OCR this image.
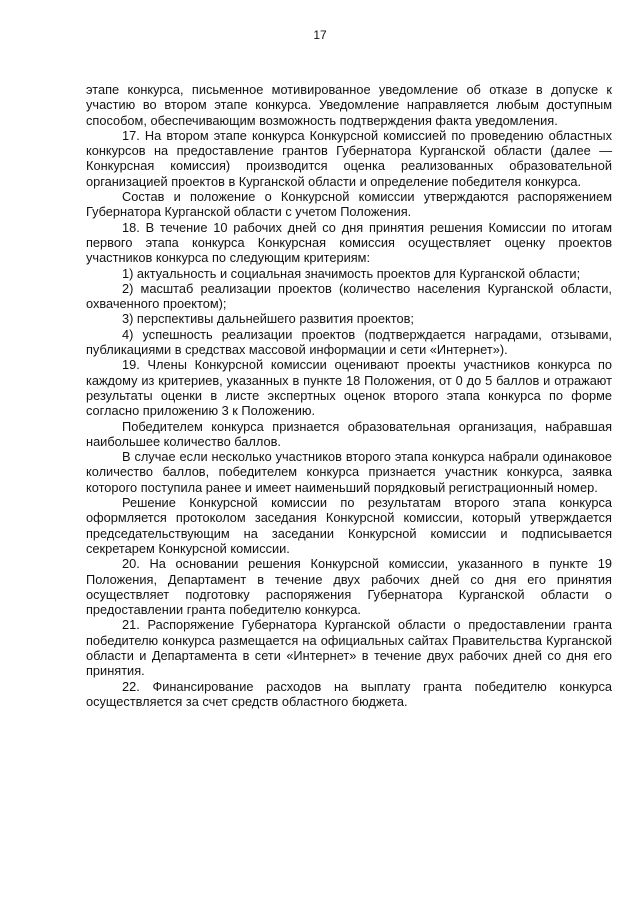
17

этапе конкурса, письменное мотивированное уведомление об отказе в допуске к участию во втором этапе конкурса. Уведомление направляется любым доступным способом, обеспечивающим возможность подтверждения факта уведомления.

17. На втором этапе конкурса Конкурсной комиссией по проведению областных конкурсов на предоставление грантов Губернатора Курганской области (далее — Конкурсная комиссия) производится оценка реализованных образовательной организацией проектов в Курганской области и определение победителя конкурса.

Состав и положение о Конкурсной комиссии утверждаются распоряжением Губернатора Курганской области с учетом Положения.

18. В течение 10 рабочих дней со дня принятия решения Комиссии по итогам первого этапа конкурса Конкурсная комиссия осуществляет оценку проектов участников конкурса по следующим критериям:

1) актуальность и социальная значимость проектов для Курганской области;

2) масштаб реализации проектов (количество населения Курганской области, охваченного проектом);

3) перспективы дальнейшего развития проектов;

4) успешность реализации проектов (подтверждается наградами, отзывами, публикациями в средствах массовой информации и сети «Интернет»).

19. Члены Конкурсной комиссии оценивают проекты участников конкурса по каждому из критериев, указанных в пункте 18 Положения, от 0 до 5 баллов и отражают результаты оценки в листе экспертных оценок второго этапа конкурса по форме согласно приложению 3 к Положению.

Победителем конкурса признается образовательная организация, набравшая наибольшее количество баллов.

В случае если несколько участников второго этапа конкурса набрали одинаковое количество баллов, победителем конкурса признается участник конкурса, заявка которого поступила ранее и имеет наименьший порядковый регистрационный номер.

Решение Конкурсной комиссии по результатам второго этапа конкурса оформляется протоколом заседания Конкурсной комиссии, который утверждается председательствующим на заседании Конкурсной комиссии и подписывается секретарем Конкурсной комиссии.

20. На основании решения Конкурсной комиссии, указанного в пункте 19 Положения, Департамент в течение двух рабочих дней со дня его принятия осуществляет подготовку распоряжения Губернатора Курганской области о предоставлении гранта победителю конкурса.

21. Распоряжение Губернатора Курганской области о предоставлении гранта победителю конкурса размещается на официальных сайтах Правительства Курганской области и Департамента в сети «Интернет» в течение двух рабочих дней со дня его принятия.

22. Финансирование расходов на выплату гранта победителю конкурса осуществляется за счет средств областного бюджета.
